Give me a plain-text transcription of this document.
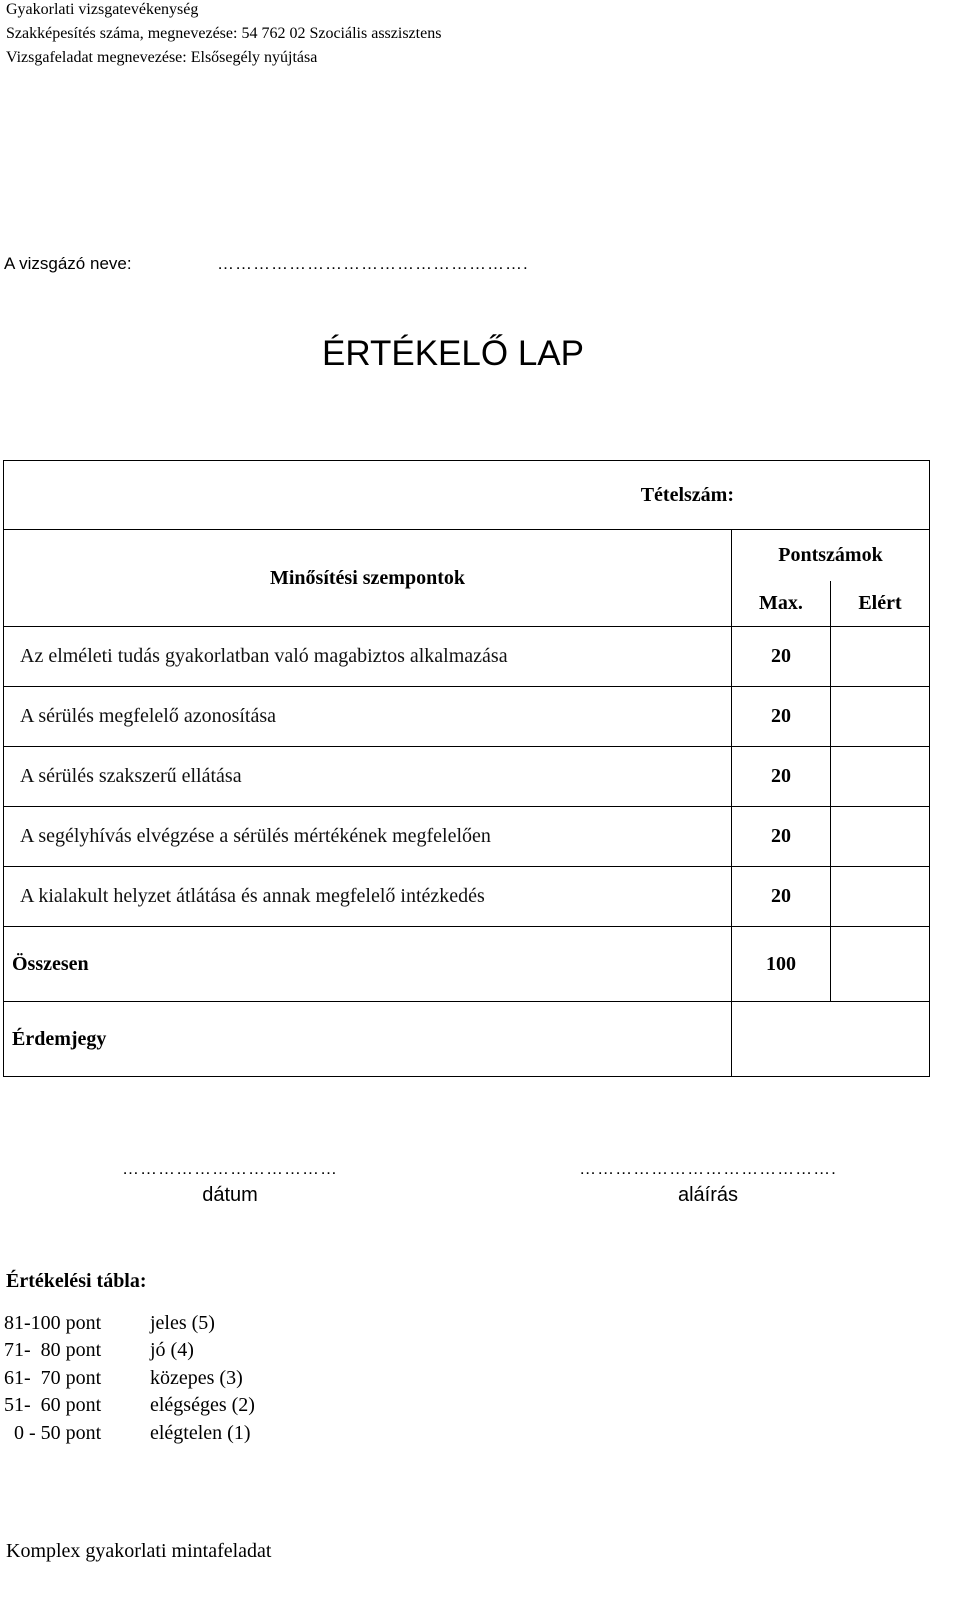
Gyakorlati vizsgatevékenység
Szakképesítés száma, megnevezése: 54 762 02 Szociális asszisztens
Vizsgafeladat megnevezése: Elsősegély nyújtása
A vizsgázó neve:	…………………………………………….
ÉRTÉKELŐ LAP
Tételszám:		
Minősítési szempontok	Pontszámok	
	Max.	Elért
Az elméleti tudás gyakorlatban való magabiztos alkalmazása	20	
A sérülés megfelelő azonosítása	20	
A sérülés szakszerű ellátása	20	
A segélyhívás elvégzése a sérülés mértékének megfelelően	20	
A kialakult helyzet átlátása és annak megfelelő intézkedés	20	
Összesen	100	
Érdemjegy		
………………………………
dátum
…………………………………….
aláírás
Értékelési tábla:
81-100 pont jeles (5)
71-  80 pont jó (4)
61-  70 pont közepes (3)
51-  60 pont elégséges (2)
0 - 50 pont elégtelen (1)
Komplex gyakorlati mintafeladat
